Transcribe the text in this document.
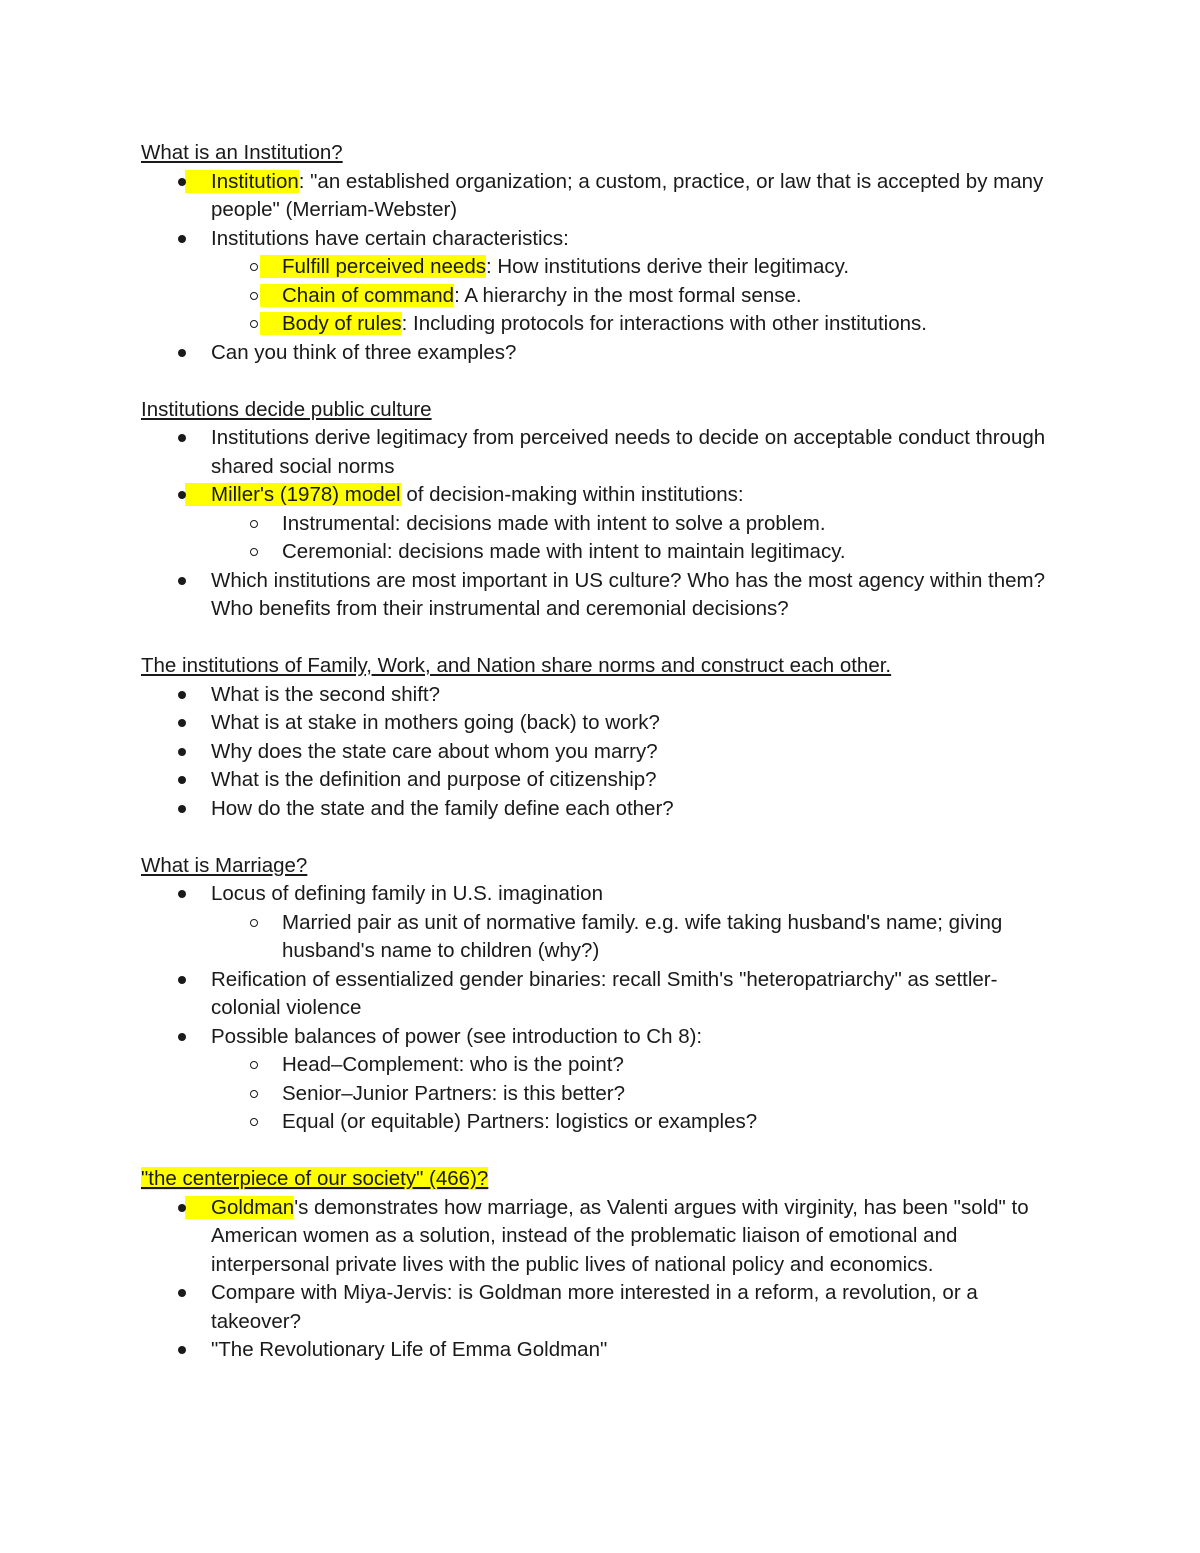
What is an Institution?
Institution: "an established organization; a custom, practice, or law that is accepted by many people" (Merriam-Webster)
Institutions have certain characteristics:
Fulfill perceived needs: How institutions derive their legitimacy.
Chain of command: A hierarchy in the most formal sense.
Body of rules: Including protocols for interactions with other institutions.
Can you think of three examples?
Institutions decide public culture
Institutions derive legitimacy from perceived needs to decide on acceptable conduct through shared social norms
Miller's (1978) model of decision-making within institutions:
Instrumental: decisions made with intent to solve a problem.
Ceremonial: decisions made with intent to maintain legitimacy.
Which institutions are most important in US culture? Who has the most agency within them? Who benefits from their instrumental and ceremonial decisions?
The institutions of Family, Work, and Nation share norms and construct each other.
What is the second shift?
What is at stake in mothers going (back) to work?
Why does the state care about whom you marry?
What is the definition and purpose of citizenship?
How do the state and the family define each other?
What is Marriage?
Locus of defining family in U.S. imagination
Married pair as unit of normative family. e.g. wife taking husband's name; giving husband's name to children (why?)
Reification of essentialized gender binaries: recall Smith's "heteropatriarchy" as settler-colonial violence
Possible balances of power (see introduction to Ch 8):
Head–Complement: who is the point?
Senior–Junior Partners: is this better?
Equal (or equitable) Partners: logistics or examples?
"the centerpiece of our society" (466)?
Goldman's demonstrates how marriage, as Valenti argues with virginity, has been "sold" to American women as a solution, instead of the problematic liaison of emotional and interpersonal private lives with the public lives of national policy and economics.
Compare with Miya-Jervis: is Goldman more interested in a reform, a revolution, or a takeover?
"The Revolutionary Life of Emma Goldman"
